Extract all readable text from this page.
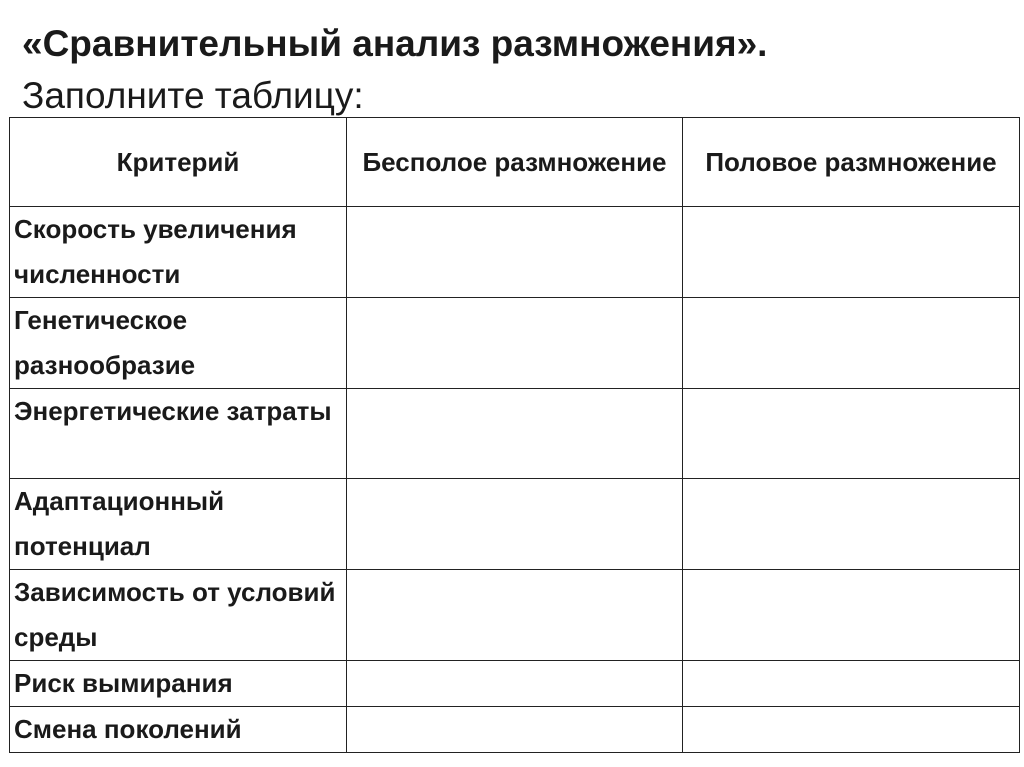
«Сравнительный анализ размножения».
Заполните таблицу:
Критерий	Бесполое размножение	Половое размножение
Скорость увеличения численности		
Генетическое разнообразие		
Энергетические затраты		
Адаптационный потенциал		
Зависимость от условий среды		
Риск вымирания		
Смена поколений		
